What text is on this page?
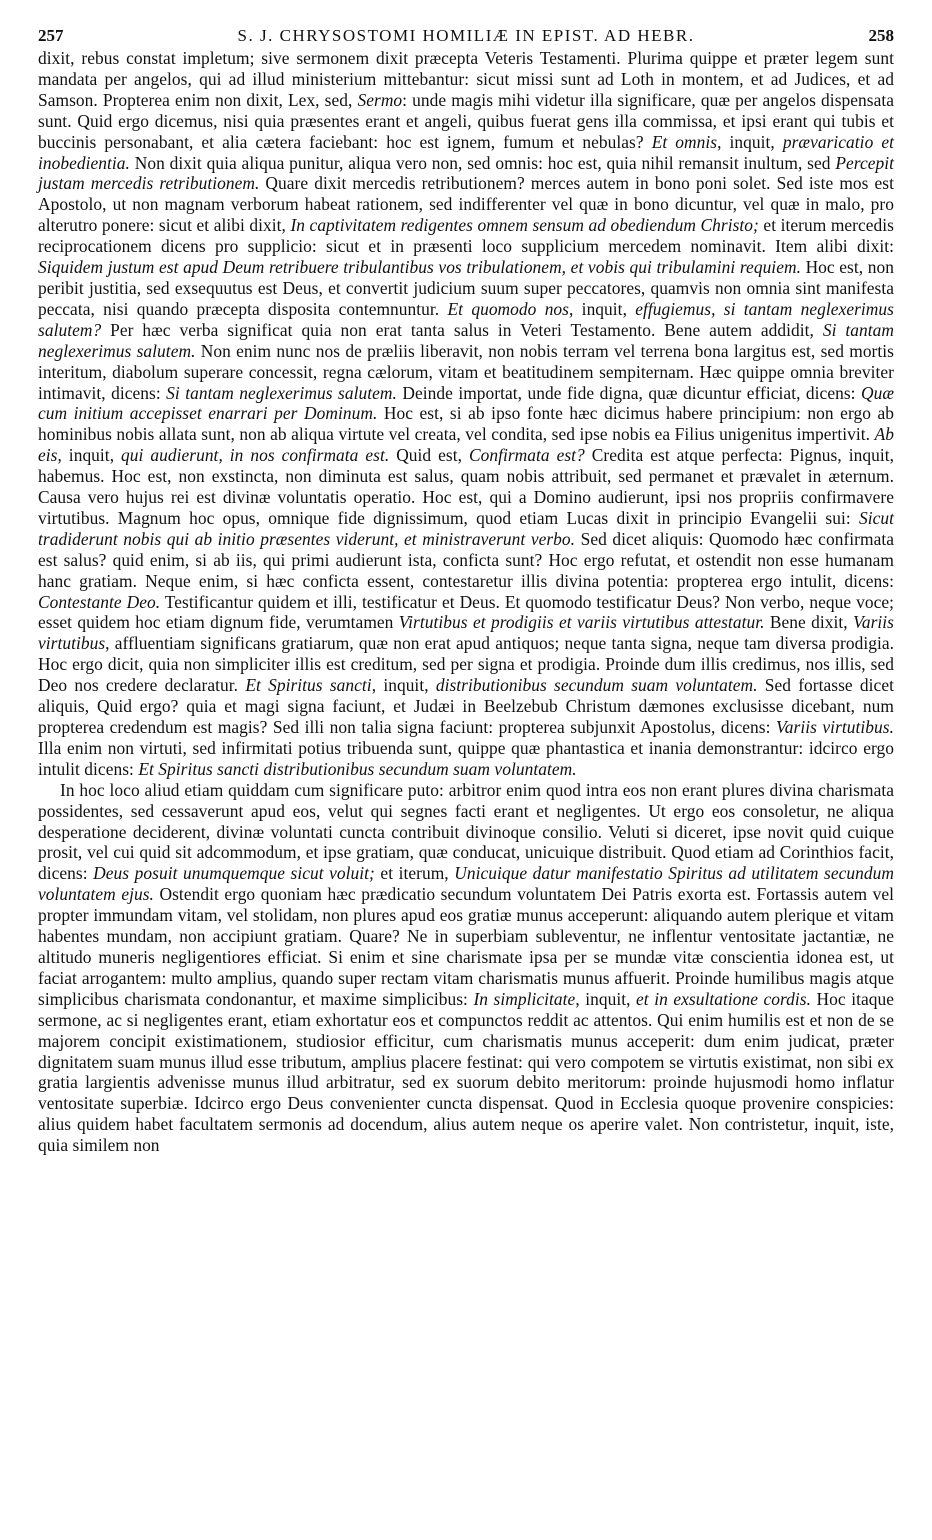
257	S. J. CHRYSOSTOMI HOMILIÆ IN EPIST. AD HEBR.	258

dixit, rebus constat impletum; sive sermonem dixit præcepta Veteris Testamenti. Plurima quippe et præter legem sunt mandata per angelos, qui ad illud ministerium mittebantur: sicut missi sunt ad Loth in montem, et ad Judices, et ad Samson. Propterea enim non dixit, Lex, sed, Sermo: unde magis mihi videtur illa significare, quæ per angelos dispensata sunt. Quid ergo dicemus, nisi quia præsentes erant et angeli, quibus fuerat gens illa commissa, et ipsi erant qui tubis et buccinis personabant, et alia cætera faciebant: hoc est ignem, fumum et nebulas? Et omnis, inquit, prævaricatio et inobedientia. Non dixit quia aliqua punitur, aliqua vero non, sed omnis: hoc est, quia nihil remansit inultum, sed Percepit justam mercedis retributionem. Quare dixit mercedis retributionem? merces autem in bono poni solet. Sed iste mos est Apostolo, ut non magnam verborum habeat rationem, sed indifferenter vel quæ in bono dicuntur, vel quæ in malo, pro alterutro ponere: sicut et alibi dixit, In captivitatem redigentes omnem sensum ad obediendum Christo; et iterum mercedis reciprocationem dicens pro supplicio: sicut et in præsenti loco supplicium mercedem nominavit. Item alibi dixit: Siquidem justum est apud Deum retribuere tribulantibus vos tribulationem, et vobis qui tribulamini requiem. Hoc est, non peribit justitia, sed exsequutus est Deus, et convertit judicium suum super peccatores, quamvis non omnia sint manifesta peccata, nisi quando præcepta disposita contemnuntur. Et quomodo nos, inquit, effugiemus, si tantam neglexerimus salutem? Per hæc verba significat quia non erat tanta salus in Veteri Testamento. Bene autem addidit, Si tantam neglexerimus salutem. Non enim nunc nos de præliis liberavit, non nobis terram vel terrena bona largitus est, sed mortis interitum, diabolum superare concessit, regna cælorum, vitam et beatitudinem sempiternam. Hæc quippe omnia breviter intimavit, dicens: Si tantam neglexerimus salutem. Deinde importat, unde fide digna, quæ dicuntur efficiat, dicens: Quæ cum initium accepisset enarrari per Dominum. Hoc est, si ab ipso fonte hæc dicimus habere principium: non ergo ab hominibus nobis allata sunt, non ab aliqua virtute vel creata, vel condita, sed ipse nobis ea Filius unigenitus impertivit. Ab eis, inquit, qui audierunt, in nos confirmata est. Quid est, Confirmata est? Credita est atque perfecta: Pignus, inquit, habemus. Hoc est, non exstincta, non diminuta est salus, quam nobis attribuit, sed permanet et prævalet in æternum. Causa vero hujus rei est divinæ voluntatis operatio. Hoc est, qui a Domino audierunt, ipsi nos propriis confirmavere virtutibus. Magnum hoc opus, omnique fide dignissimum, quod etiam Lucas dixit in principio Evangelii sui: Sicut tradiderunt nobis qui ab initio præsentes viderunt, et ministraverunt verbo. Sed dicet aliquis: Quomodo hæc confirmata est salus? quid enim, si ab iis, qui primi audierunt ista, conficta sunt? Hoc ergo refutat, et ostendit non esse humanam hanc gratiam. Neque enim, si hæc conficta essent, contestaretur illis divina potentia: propterea ergo intulit, dicens: Contestante Deo. Testificantur quidem et illi, testificatur et Deus. Et quomodo testificatur Deus? Non verbo, neque voce; esset quidem hoc etiam dignum fide, verumtamen Virtutibus et prodigiis et variis virtutibus attestatur. Bene dixit, Variis virtutibus, affluentiam significans gratiarum, quæ non erat apud antiquos; neque tanta signa, neque tam diversa prodigia. Hoc ergo dicit, quia non simpliciter illis est creditum, sed per signa et prodigia. Proinde dum illis credimus, nos illis, sed Deo nos credere declaratur. Et Spiritus sancti, inquit, distributionibus secundum suam voluntatem. Sed fortasse dicet aliquis, Quid ergo? quia et magi signa faciunt, et Judæi in Beelzebub Christum dæmones exclusisse dicebant, num propterea credendum est magis? Sed illi non talia signa faciunt: propterea subjunxit Apostolus, dicens: Variis virtutibus. Illa enim non virtuti, sed infirmitati potius tribuenda sunt, quippe quæ phantastica et inania demonstrantur: idcirco ergo intulit dicens: Et Spiritus sancti distributionibus secundum suam voluntatem.

In hoc loco aliud etiam quiddam cum significare puto: arbitror enim quod intra eos non erant plures divina charismata possidentes, sed cessaverunt apud eos, velut qui segnes facti erant et negligentes. Ut ergo eos consoletur, ne aliqua desperatione deciderent, divinæ voluntati cuncta contribuit divinoque consilio. Veluti si diceret, ipse novit quid cuique prosit, vel cui quid sit adcommodum, et ipse gratiam, quæ conducat, unicuique distribuit. Quod etiam ad Corinthios facit, dicens: Deus posuit unumquemque sicut voluit; et iterum, Unicuique datur manifestatio Spiritus ad utilitatem secundum voluntatem ejus. Ostendit ergo quoniam hæc prædicatio secundum voluntatem Dei Patris exorta est. Fortassis autem vel propter immundam vitam, vel stolidam, non plures apud eos gratiæ munus acceperunt: aliquando autem plerique et vitam habentes mundam, non accipiunt gratiam. Quare? Ne in superbiam subleventur, ne inflentur ventositate jactantiæ, ne altitudo muneris negligentiores efficiat. Si enim et sine charismate ipsa per se mundæ vitæ conscientia idonea est, ut faciat arrogantem: multo amplius, quando super rectam vitam charismatis munus affuerit. Proinde humilibus magis atque simplicibus charismata condonantur, et maxime simplicibus: In simplicitate, inquit, et in exsultatione cordis. Hoc itaque sermone, ac si negligentes erant, etiam exhortatur eos et compunctos reddit ac attentos. Qui enim humilis est et non de se majorem concipit existimationem, studiosior efficitur, cum charismatis munus acceperit: dum enim judicat, præter dignitatem suam munus illud esse tributum, amplius placere festinat: qui vero compotem se virtutis existimat, non sibi ex gratia largientis advenisse munus illud arbitratur, sed ex suorum debito meritorum: proinde hujusmodi homo inflatur ventositate superbiæ. Idcirco ergo Deus convenienter cuncta dispensat. Quod in Ecclesia quoque provenire conspicies: alius quidem habet facultatem sermonis ad docendum, alius autem neque os aperire valet. Non contristetur, inquit, iste, quia similem non
